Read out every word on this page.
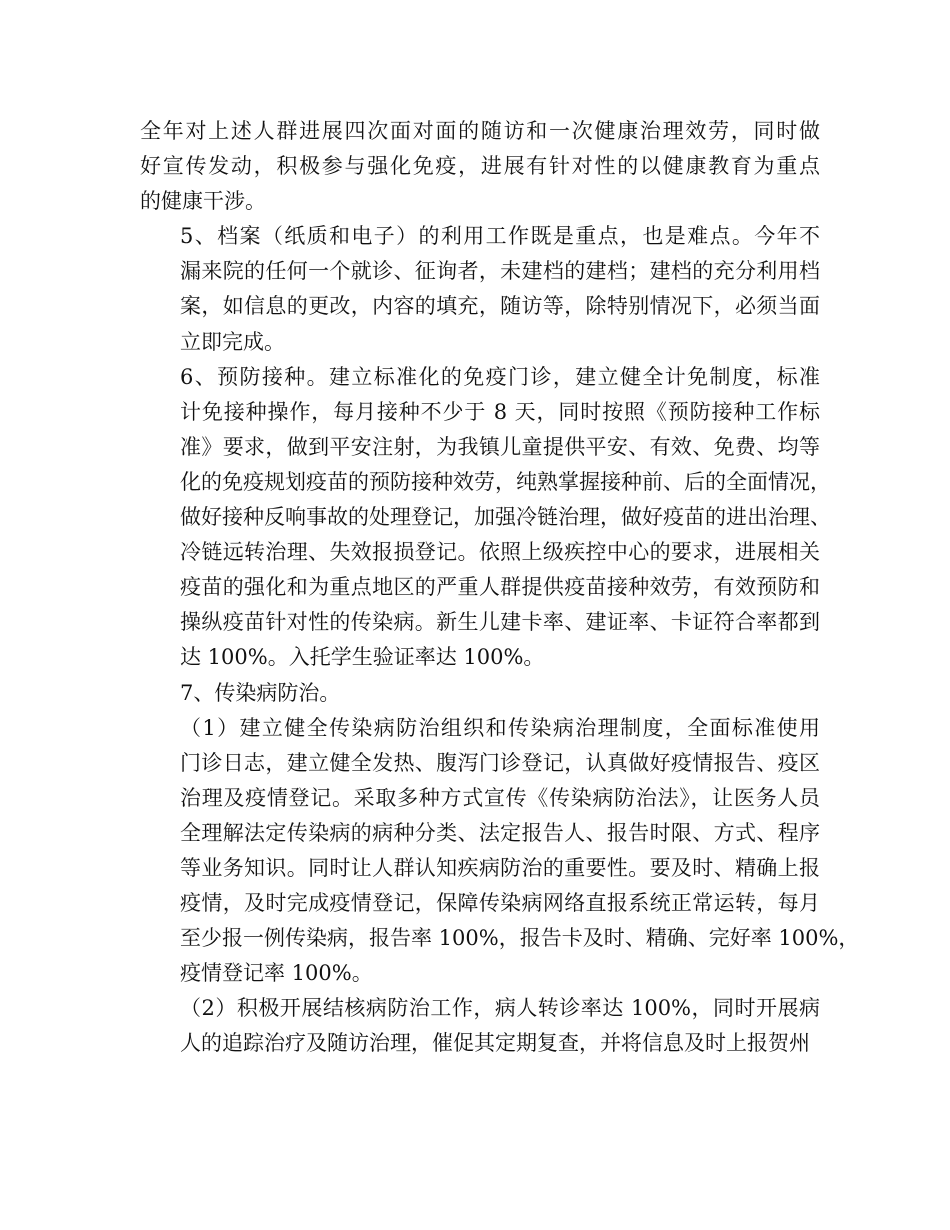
全年对上述人群进展四次面对面的随访和一次健康治理效劳，同时做
好宣传发动，积极参与强化免疫，进展有针对性的以健康教育为重点
的健康干涉。
5、档案（纸质和电子）的利用工作既是重点，也是难点。今年不
漏来院的任何一个就诊、征询者，未建档的建档；建档的充分利用档
案，如信息的更改，内容的填充，随访等，除特别情况下，必须当面
立即完成。
6、预防接种。建立标准化的免疫门诊，建立健全计免制度，标准
计免接种操作，每月接种不少于 8 天，同时按照《预防接种工作标
准》要求，做到平安注射，为我镇儿童提供平安、有效、免费、均等
化的免疫规划疫苗的预防接种效劳，纯熟掌握接种前、后的全面情况，
做好接种反响事故的处理登记，加强冷链治理，做好疫苗的进出治理、
冷链远转治理、失效报损登记。依照上级疾控中心的要求，进展相关
疫苗的强化和为重点地区的严重人群提供疫苗接种效劳，有效预防和
操纵疫苗针对性的传染病。新生儿建卡率、建证率、卡证符合率都到
达 100%。入托学生验证率达 100%。
7、传染病防治。
（1）建立健全传染病防治组织和传染病治理制度，全面标准使用
门诊日志，建立健全发热、腹泻门诊登记，认真做好疫情报告、疫区
治理及疫情登记。采取多种方式宣传《传染病防治法》，让医务人员
全理解法定传染病的病种分类、法定报告人、报告时限、方式、程序
等业务知识。同时让人群认知疾病防治的重要性。要及时、精确上报
疫情，及时完成疫情登记，保障传染病网络直报系统正常运转，每月
至少报一例传染病，报告率 100%，报告卡及时、精确、完好率 100%，
疫情登记率 100%。
（2）积极开展结核病防治工作，病人转诊率达 100%，同时开展病
人的追踪治疗及随访治理，催促其定期复查，并将信息及时上报贺州
